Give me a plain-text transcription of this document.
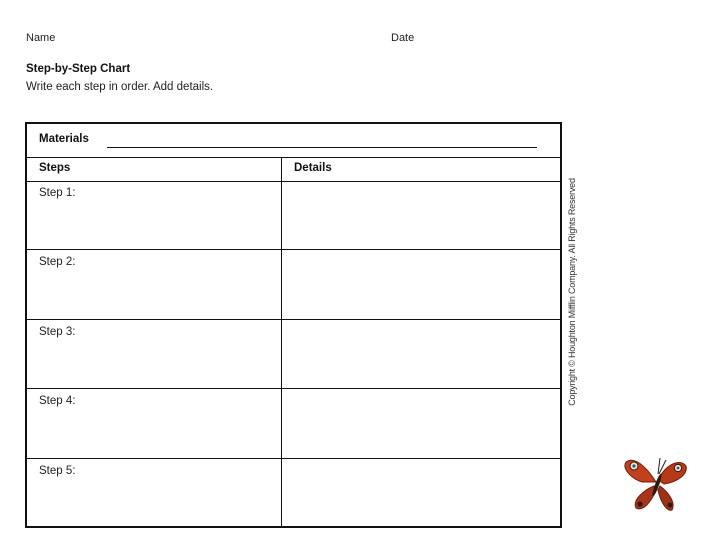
Name	Date
Step-by-Step Chart
Write each step in order. Add details.
Materials
Steps	Details
Step 1:
Step 2:
Step 3:
Step 4:
Step 5:
Copyright © Houghton Mifflin Company. All Rights Reserved
